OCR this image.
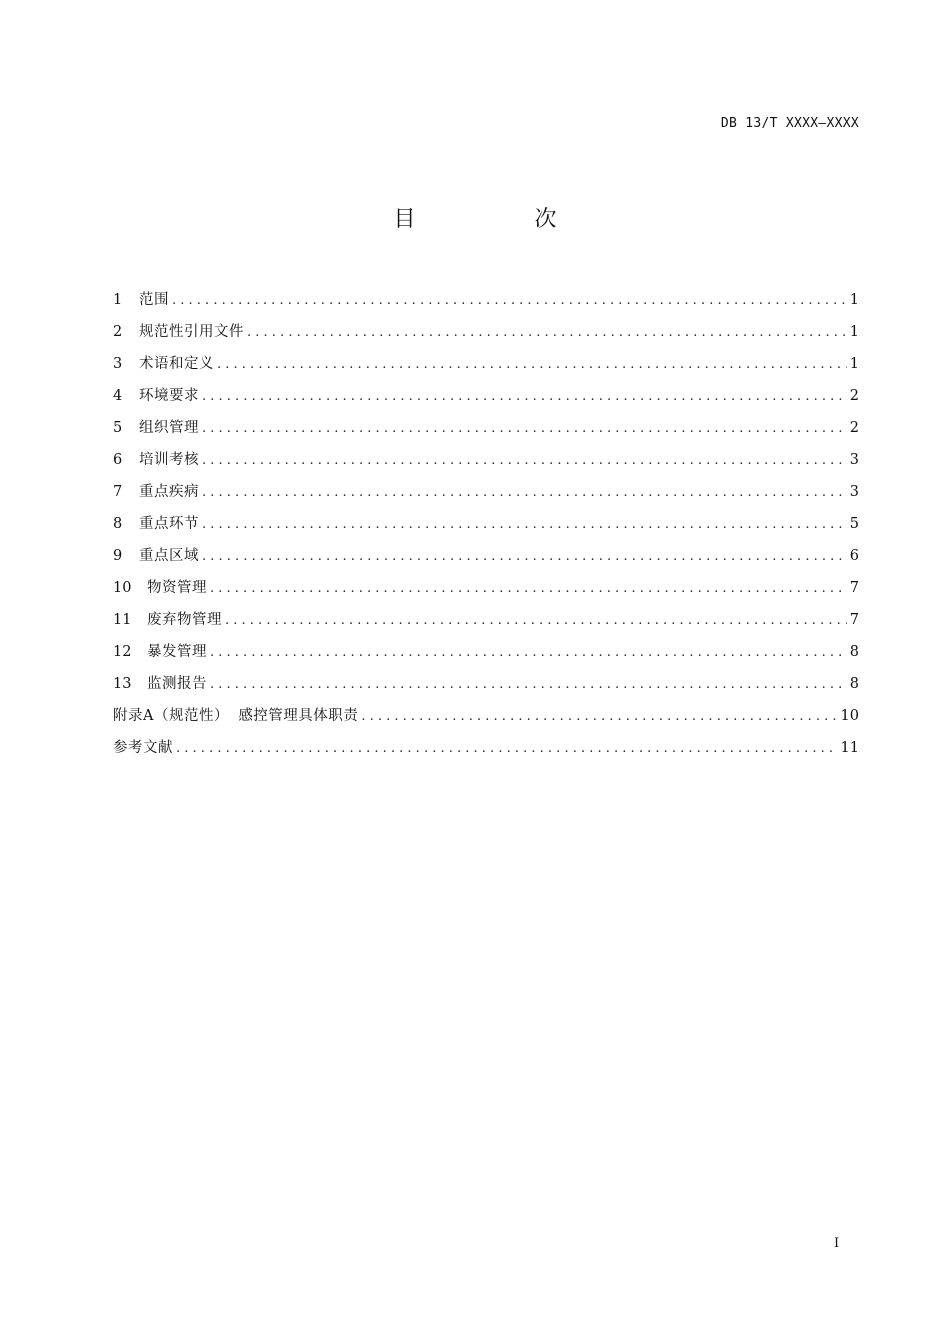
DB 13/T XXXX—XXXX
目 次
1	范围 . . .	1
2	规范性引用文件 . . .	1
3	术语和定义 . . .	1
4	环境要求 . . .	2
5	组织管理 . . .	2
6	培训考核 . . .	3
7	重点疾病 . . .	3
8	重点环节 . . .	5
9	重点区域 . . .	6
10	物资管理 . . .	7
11	废弃物管理 . . .	7
12	暴发管理 . . .	8
13	监测报告 . . .	8
附录A（规范性） 感控管理具体职责 . . .	10
参考文献 . . .	11
I
